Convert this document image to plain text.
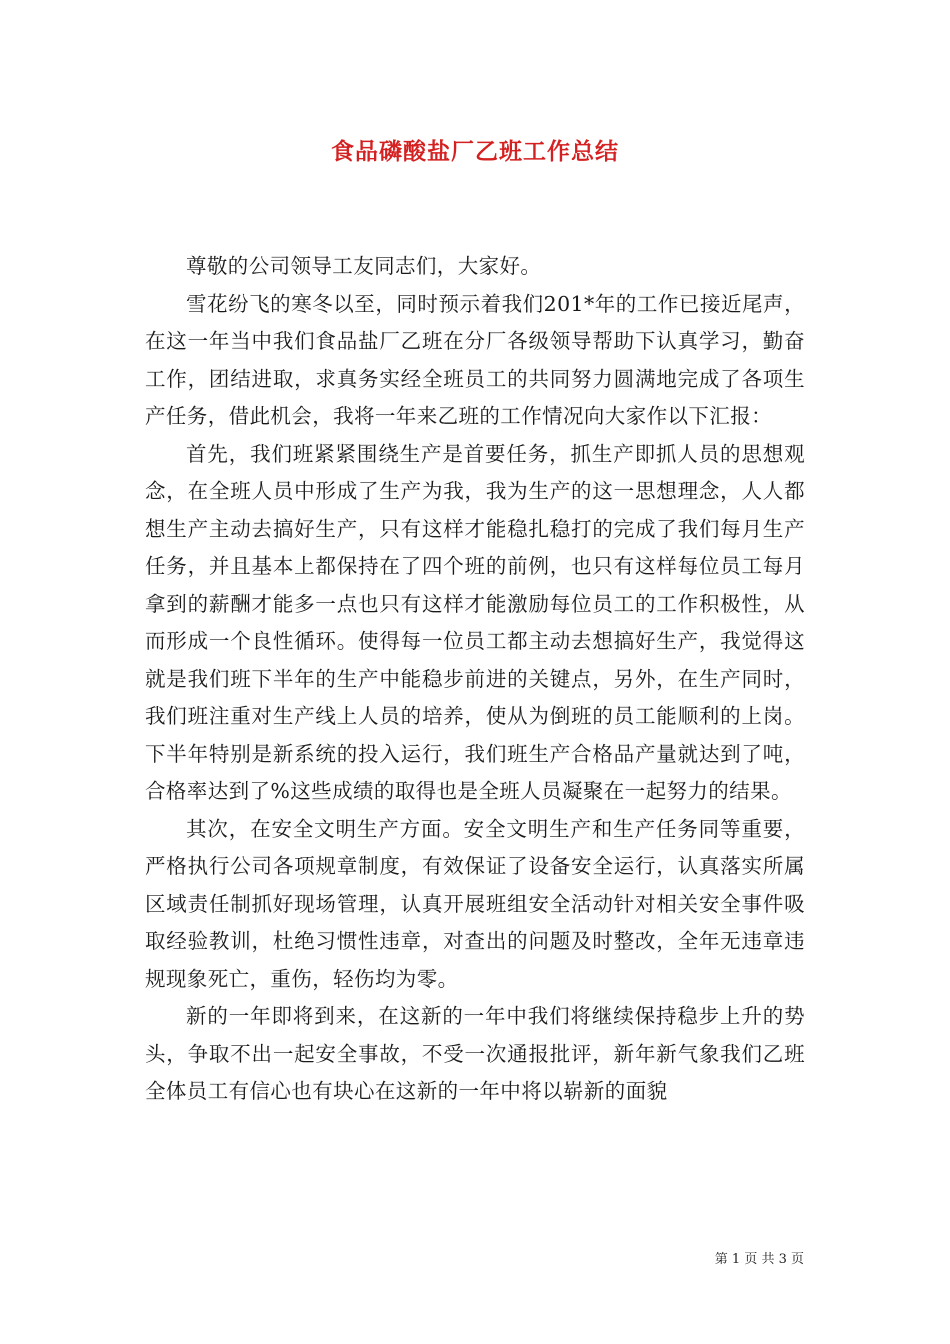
食品磷酸盐厂乙班工作总结

尊敬的公司领导工友同志们，大家好。

雪花纷飞的寒冬以至，同时预示着我们201*年的工作已接近尾声，在这一年当中我们食品盐厂乙班在分厂各级领导帮助下认真学习，勤奋工作，团结进取，求真务实经全班员工的共同努力圆满地完成了各项生产任务，借此机会，我将一年来乙班的工作情况向大家作以下汇报：

首先，我们班紧紧围绕生产是首要任务，抓生产即抓人员的思想观念，在全班人员中形成了生产为我，我为生产的这一思想理念，人人都想生产主动去搞好生产，只有这样才能稳扎稳打的完成了我们每月生产任务，并且基本上都保持在了四个班的前例，也只有这样每位员工每月拿到的薪酬才能多一点也只有这样才能激励每位员工的工作积极性，从而形成一个良性循环。使得每一位员工都主动去想搞好生产，我觉得这就是我们班下半年的生产中能稳步前进的关键点，另外，在生产同时，我们班注重对生产线上人员的培养，使从为倒班的员工能顺利的上岗。下半年特别是新系统的投入运行，我们班生产合格品产量就达到了吨，合格率达到了%这些成绩的取得也是全班人员凝聚在一起努力的结果。

其次，在安全文明生产方面。安全文明生产和生产任务同等重要，严格执行公司各项规章制度，有效保证了设备安全运行，认真落实所属区域责任制抓好现场管理，认真开展班组安全活动针对相关安全事件吸取经验教训，杜绝习惯性违章，对查出的问题及时整改，全年无违章违规现象死亡，重伤，轻伤均为零。

新的一年即将到来，在这新的一年中我们将继续保持稳步上升的势头，争取不出一起安全事故，不受一次通报批评，新年新气象我们乙班全体员工有信心也有块心在这新的一年中将以崭新的面貌

第 1 页 共 3 页
